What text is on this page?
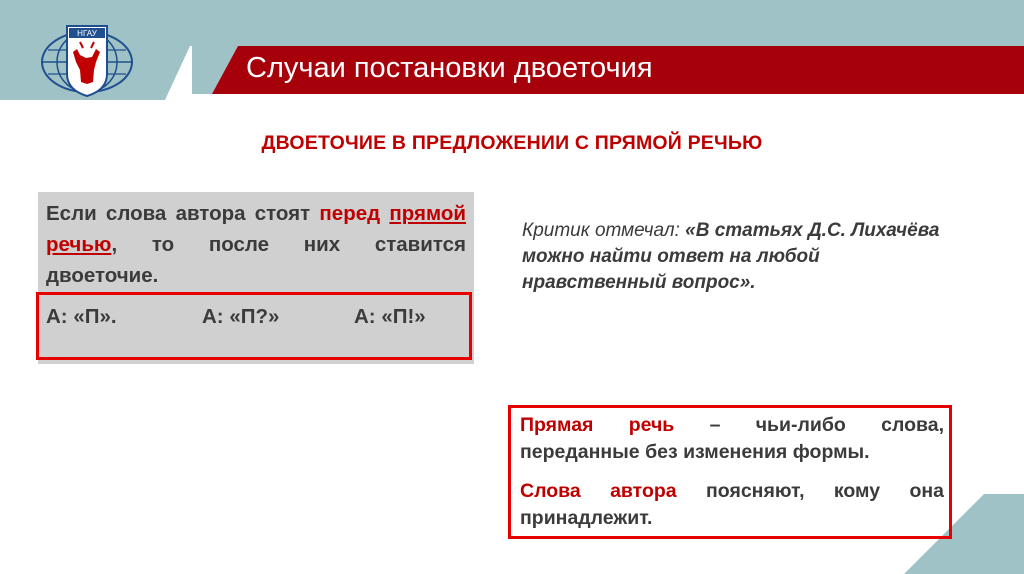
НГАУ
Случаи постановки двоеточия
ДВОЕТОЧИЕ В ПРЕДЛОЖЕНИИ С ПРЯМОЙ РЕЧЬЮ
Если слова автора стоят перед прямой речью, то после них ставится двоеточие.
А: «П».	А: «П?»	А: «П!»
Критик отмечал: «В статьях Д.С. Лихачёва можно найти ответ на любой нравственный вопрос».

Прямая речь – чьи-либо слова, переданные без изменения формы.

Слова автора поясняют, кому она принадлежит.
